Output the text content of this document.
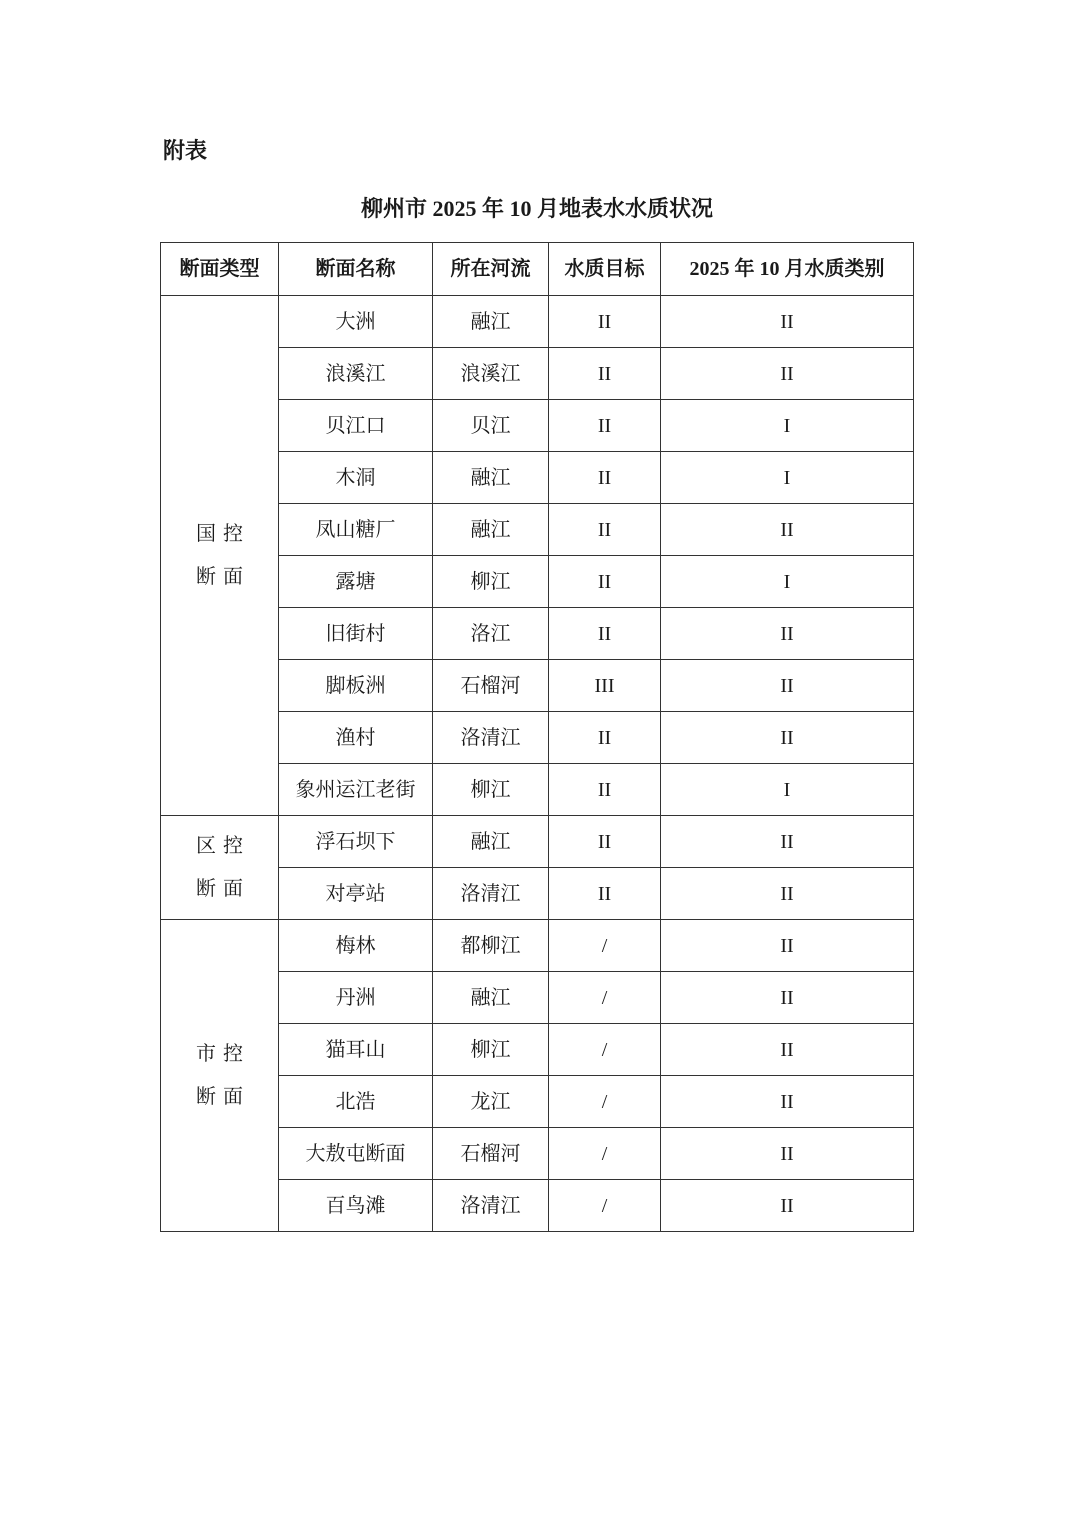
附表
柳州市 2025 年 10 月地表水水质状况
断面类型	断面名称	所在河流	水质目标	2025 年 10 月水质类别

国控
断面	大洲	融江	II	II
	浪溪江	浪溪江	II	II
	贝江口	贝江	II	I
	木洞	融江	II	I
	凤山糖厂	融江	II	II
	露塘	柳江	II	I
	旧街村	洛江	II	II
	脚板洲	石榴河	III	II
	渔村	洛清江	II	II
	象州运江老街	柳江	II	I

区控
断面	浮石坝下	融江	II	II
	对亭站	洛清江	II	II

市控
断面	梅林	都柳江	/	II
	丹洲	融江	/	II
	猫耳山	柳江	/	II
	北浩	龙江	/	II
	大敖屯断面	石榴河	/	II
	百鸟滩	洛清江	/	II
